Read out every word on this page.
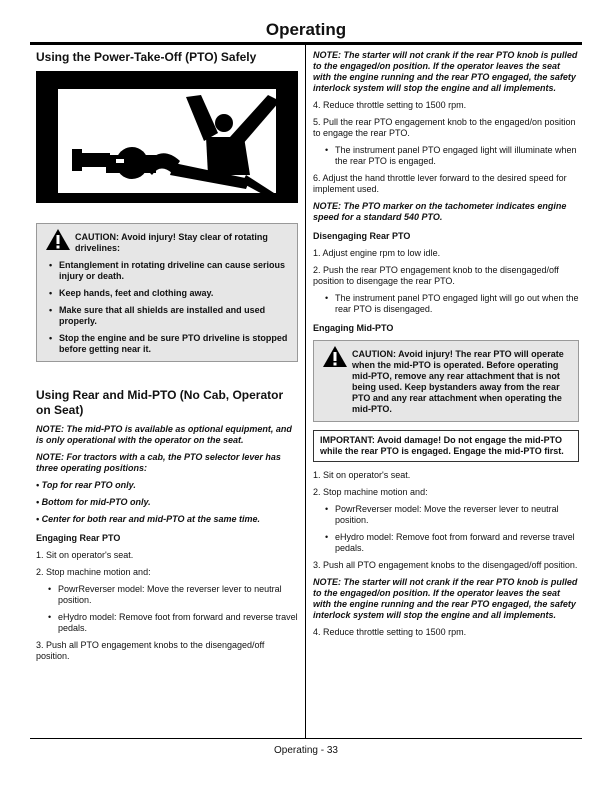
Operating
Using the Power-Take-Off (PTO) Safely
CAUTION: Avoid injury! Stay clear of rotating drivelines:
• Entanglement in rotating driveline can cause serious injury or death.
• Keep hands, feet and clothing away.
• Make sure that all shields are installed and used properly.
• Stop the engine and be sure PTO driveline is stopped before getting near it.
Using Rear and Mid-PTO (No Cab, Operator on Seat)
NOTE: The mid-PTO is available as optional equipment, and is only operational with the operator on the seat.
NOTE: For tractors with a cab, the PTO selector lever has three operating positions:
• Top for rear PTO only.
• Bottom for mid-PTO only.
• Center for both rear and mid-PTO at the same time.
Engaging Rear PTO
1. Sit on operator's seat.
2. Stop machine motion and:
• PowrReverser model: Move the reverser lever to neutral position.
• eHydro model: Remove foot from forward and reverse travel pedals.
3. Push all PTO engagement knobs to the disengaged/off position.
NOTE: The starter will not crank if the rear PTO knob is pulled to the engaged/on position. If the operator leaves the seat with the engine running and the rear PTO engaged, the safety interlock system will stop the engine and all implements.
4. Reduce throttle setting to 1500 rpm.
5. Pull the rear PTO engagement knob to the engaged/on position to engage the rear PTO.
• The instrument panel PTO engaged light will illuminate when the rear PTO is engaged.
6. Adjust the hand throttle lever forward to the desired speed for implement used.
NOTE: The PTO marker on the tachometer indicates engine speed for a standard 540 PTO.
Disengaging Rear PTO
1. Adjust engine rpm to low idle.
2. Push the rear PTO engagement knob to the disengaged/off position to disengage the rear PTO.
• The instrument panel PTO engaged light will go out when the rear PTO is disengaged.
Engaging Mid-PTO
CAUTION: Avoid injury! The rear PTO will operate when the mid-PTO is operated. Before operating mid-PTO, remove any rear attachment that is not being used. Keep bystanders away from the rear PTO and any rear attachment when operating the mid-PTO.
IMPORTANT: Avoid damage! Do not engage the mid-PTO while the rear PTO is engaged. Engage the mid-PTO first.
1. Sit on operator's seat.
2. Stop machine motion and:
• PowrReverser model: Move the reverser lever to neutral position.
• eHydro model: Remove foot from forward and reverse travel pedals.
3. Push all PTO engagement knobs to the disengaged/off position.
NOTE: The starter will not crank if the rear PTO knob is pulled to the engaged/on position. If the operator leaves the seat with the engine running and the rear PTO engaged, the safety interlock system will stop the engine and all implements.
4. Reduce throttle setting to 1500 rpm.
Operating - 33
